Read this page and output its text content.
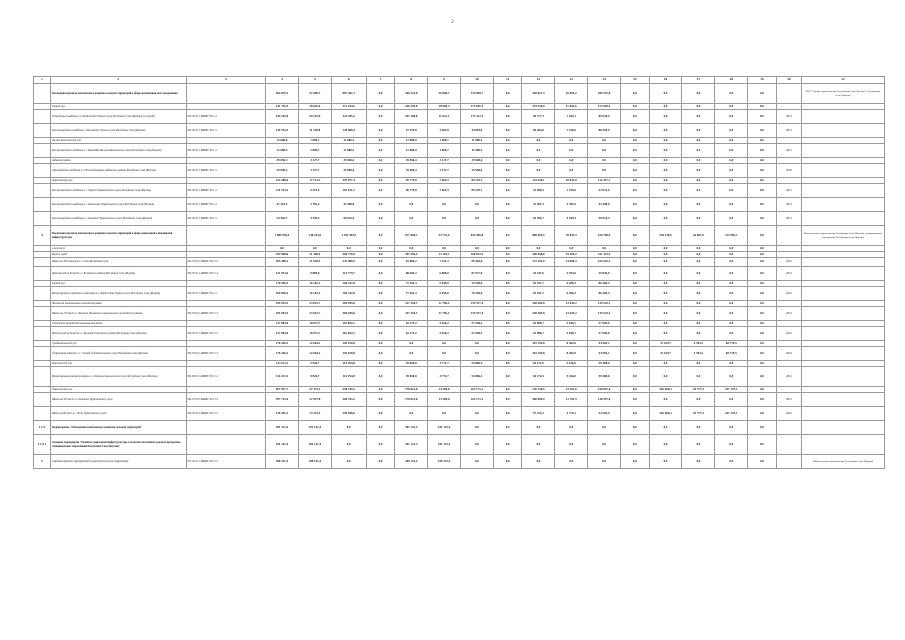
2
1	2	3	4	5	6	7	8	9	10	11	12	13	14	15	16	17	18	19	20	21
	Реализация проектов комплексного развития сельских территорий в сфере организации мест захоронения		464 879,1	57 000,7	887 462,1	0,0	356 331,8	36 006,1	319 969,7	0,0	258 027,3	16 895,2	209 257,8	0,0	0,0	0,0	0,0	0,0		ГКУ "Служба строительства Республики Саха (Якутия)" в Республике Саха (Якутия)
	Горный улус		341 735,5	30 610,6	311 194,6	0,0	166 703,8	18 006,3	173 687,4	0,0	153 938,9	11 842,6	172 099,5	0,0	0,0	0,0	0,0	0,0		
	Устройство кладбища в с. Бердигестях Горного улуса Республики Саха (Якутия) (1 очередь)	061 02 01 1448081718 1 4	344 103,0	69 225,0	222 285,2	0,0	101 168,8	11 612,1	173 412,3	0,0	90 777,3	7 942,2	89 038,9	0,0	0,0	0,0	0,0	0,0	2021	
	Благоустройство кладбища с. Бясь-Кюёль Горного улуса Республики Саха (Якутия)	061 02 01 1448081718 1 4	139 792,5	11 150,8	128 600,4	0,0	47 070,8	3 483,9	44 095,0	0,0	96 264,0	7 250,0	88 594,0	0,0	0,0	0,0	0,0	0,0	2021	
	Амгино-Кангаласский улус		12 680,0	7 000,7	11 680,2	0,0	12 080,9	1 000,7	11 080,2	0,0	0,0	0,0	0,0	0,0	0,0	0,0	0,0	0,0		
	Благоустройство кладбища в с. Бютейдях Мегино-Кангаласского улуса Республики Саха (Якутия)	061 02 01 1448081718 1 4	12 080,9	1 000,7	11 080,2	0,0	12 080,9	1 000,7	11 080,2	0,0	0,0	0,0	0,0	0,0	0,0	0,0	0,0	0,0	2021	
	Алданский район		39 096,3	3 127,7	35 968,6	0,0	39 096,3	3 127,7	35 968,6	0,0	0,0	0,0	0,0	0,0	0,0	0,0	0,0	0,0		
	Обустройство кладбища в п. Нижний Куранах Алданского района Республики Саха (Якутия)	061 02 01 1448081718 1 4	39 096,3	3 127,7	35 968,6	0,0	39 096,3	3 127,7	35 968,6	0,0	0,0	0,0	0,0	0,0	0,0	0,0	0,0	0,0	2020	
	Чурапчинский улус		224 288,6	17 714,3	207 077,4	0,0	99 779,8	7 663,5	89 129,7	0,0	124 430,1	10 047,8	114 347,7	0,0	0,0	0,0	0,0	0,0		
	Благоустройство кладбища в с. Чурапча Чурапчинского улуса Республики Саха (Якутия)	061 02 01 1448081718 1 4	119 741,6	9 319,5	110 161,3	0,0	96 779,8	7 663,5	89 129,7	0,0	23 968,3	1 919,6	22 031,6	0,0	0,0	0,0	0,0	0,0	2021	
	Благоустройство кладбища в с. Хатылыма Чурапчинского улуса Республики Саха (Якутия)	061 02 01 1448081718 1 4	47 201,5	3 782,5	43 498,8	0,0	0,0	0,0	0,0	0,0	47 201,5	3 782,5	43 498,8	0,0	0,0	0,0	0,0	0,0	2021	
	Благоустройство кладбища в с. Кытанах Чурапчинского улуса Республики Саха (Якутия)	061 02 01 1448081718 1 4	54 365,7	4 349,3	50 016,4	0,0	0,0	0,0	0,0	0,0	54 365,7	4 349,3	50 016,4	0,0	0,0	0,0	0,0	0,0	2021	
4	Реализация проектов комплексного развития сельских территорий в сфере социальной и инженерной инфраструктуры		1 889 550,5	148 233,0	1 704 459,5	0,0	677 668,7	52 731,0	624 456,8	0,0	800 603,5	70 843,3	814 790,0	0,0	336 130,5	26 667,0	215 905,7	0,0		Министерство строительства Республики Саха (Якутия), муниципальные образования Республики Саха (Якутия)
	в том числе		0,0	0,0	0,0	0,0	0,0	0,0	0,0	0,0	0,0	0,0	0,0	0,0	0,0	0,0	0,0	0,0		
	Якутск город		392 008,0	31 360,6	360 778,5	0,0	181 590,4	13 102,1	168 012,3	0,0	200 608,0	19 304,2	221 313,3	0,0	0,0	0,0	0,0	0,0		
	Школа на 180 учащихся в с. Усть-Вилюйская улуса	061 07 02 1448081718 1 12	265 408,2	21 038,4	247 000,5	0,0	92 866,2	7 431,2	85 464,6	0,0	172 353,9	14 000,3	164 422,2	0,0	0,0	0,0	0,0	0,0	2021	
	Детский сад на 90 мест в с. Вилюйского района Республики Саха (Якутия)	061 07 01 1448081718 1 14	121 873,6	9 889,9	114 779,7	0,0	88 404,2	6 886,0	81 917,0	0,0	33 437,6	3 393,0	29 836,0	0,0	0,0	0,0	0,0	0,0	2021	
	Горный улус		170 956,3	16 181,3	160 412,8	0,0	77 452,3	6 495,0	70 258,0	0,0	92 101,7	6 286,3	86 384,4	0,0	0,0	0,0	0,0	0,0		
	Реконструкция спортивного комплекса в с. Бердигестях Горного улуса Республики Саха (Якутия)	061 07 01 1448081718 1 4	169 826,3	16 181,5	160 412,8	0,0	77 452,3	6 495,0	70 258,0	0,0	92 101,7	6 286,3	86 384,4	0,0	0,0	0,0	0,0	0,0	2021	
	Жиганский национальный эвенкийский район		295 953,5	23 619,7	269 039,6	0,0	147 344,7	11 796,2	135 577,4	0,0	148 384,8	12 645,2	135 523,1	0,0	0,0	0,0	0,0	0,0		
	Школа на 170 мест в с. Жиганск Жиганского национального эвенкийского района	061 07 02 1448081718 1 12	295 953,5	23 619,7	269 039,6	0,0	147 344,7	11 796,2	135 577,4	0,0	148 384,8	12 645,2	135 523,1	0,0	0,0	0,0	0,0	0,0	2021	
	Оленекский эвенкийский национальный район		127 083,0	10 072,7	116 852,2	0,0	62 175,2	5 026,2	57 948,2	0,0	63 908,7	5 046,7	57 904,0	0,0	0,0	0,0	0,0	0,0		
	Детский сад на 60 мест в с. Жилинда Оленекского района Республики Саха (Якутия)	061 07 01 1448081718 1 12	127 083,0	10 072,7	116 852,2	0,0	62 175,2	5 026,2	57 948,2	0,0	63 908,7	5 046,7	57 904,0	0,0	0,0	0,0	0,0	0,0	2021	
	Среднеколымский улус		176 326,2	12 664,2	163 670,8	0,0	0,0	0,0	0,0	0,0	103 159,8	8 282,0	94 983,2	0,0	73 169,7	4 393,2	68 779,5	0,0		
	Спортивный комплекс в с. Сватай Среднеколымского улуса Республики Саха (Якутия)	061 07 02 1448081718 1 12	176 326,2	12 664,2	163 670,8	0,0	0,0	0,0	0,0	0,0	103 159,8	8 282,0	94 983,2	0,0	73 169,7	4 393,2	68 779,5	0,0	2022	
	Хангаласский улус		124 211,5	9 926,7	114 294,8	0,0	59 650,8	4 772,7	54 886,3	0,0	64 174,5	5 166,0	59 408,6	0,0	0,0	0,0	0,0	0,0		
	Реконструкция центра культуры в с. Октемцы Хангаласского улуса Республики Саха (Якутия)	061 08 01 1448081718 1 12	114 221,5	9 926,7	114 294,8	0,0	59 650,8	4 772,7	54 886,3	0,0	64 174,5	5 166,0	59 408,6	0,0	0,0	0,0	0,0	0,0	2021	
	Чурапчинский улус		607 927,7	47 373,3	558 149,3	0,0	178 821,8	13 300,8	163 171,2	0,0	136 130,5	12 291,0	198 847,0	0,0	262 900,3	18 777,4	247 170,1	0,0		
	Школа на 500 мест в с. Кытанах Чурапчинского улуса	061 07 02 1448081718 1 12	397 722,0	27 057,8	360 704,2	0,0	178 821,8	13 300,8	163 171,2	0,0	160 896,9	12 781,9	148 357,0	0,0	0,0	0,0	0,0	0,0	2021	
	Школа на 80 мест в с. Ҥоло Чурапчинского улуса	061 07 02 1448081718 1 12	310 281,2	23 291,5	299 038,0	0,0	0,0	0,0	0,0	0,0	57 233,3	4 779,1	52 603,9	0,0	262 906,3	18 777,4	247 170,1	0,0	2022	
1.1.5	Подпрограмма "Обеспечение комплексного развития сельских территорий"		181 141,4	181 141,4	0,0	0,0	181 141,4	181 141,4	0,0	0,0	0,0	0,0	0,0	0,0	0,0	0,0	0,0	0,0		
1.1.5.1	Основное мероприятие "Развитие социальной инфраструктуры в сельских поселениях в рамках программы муниципальных образований Республики Саха (Якутия)"		181 141,4	181 141,4	0,0	0,0	181 141,4	181 141,4	0,0	0,0	0,0	0,0	0,0	0,0	0,0	0,0	0,0	0,0		
5	Софинансирование мероприятий по развитию сельских территорий	071 02 01 1448081718 1 12	180 141,4	180 141,4	0,0	0,0	180 141,4	180 141,4	0,0	0,0	0,0	0,0	0,0	0,0	0,0	0,0	0,0	0,0		Министерство строительства Республики Саха (Якутия)
